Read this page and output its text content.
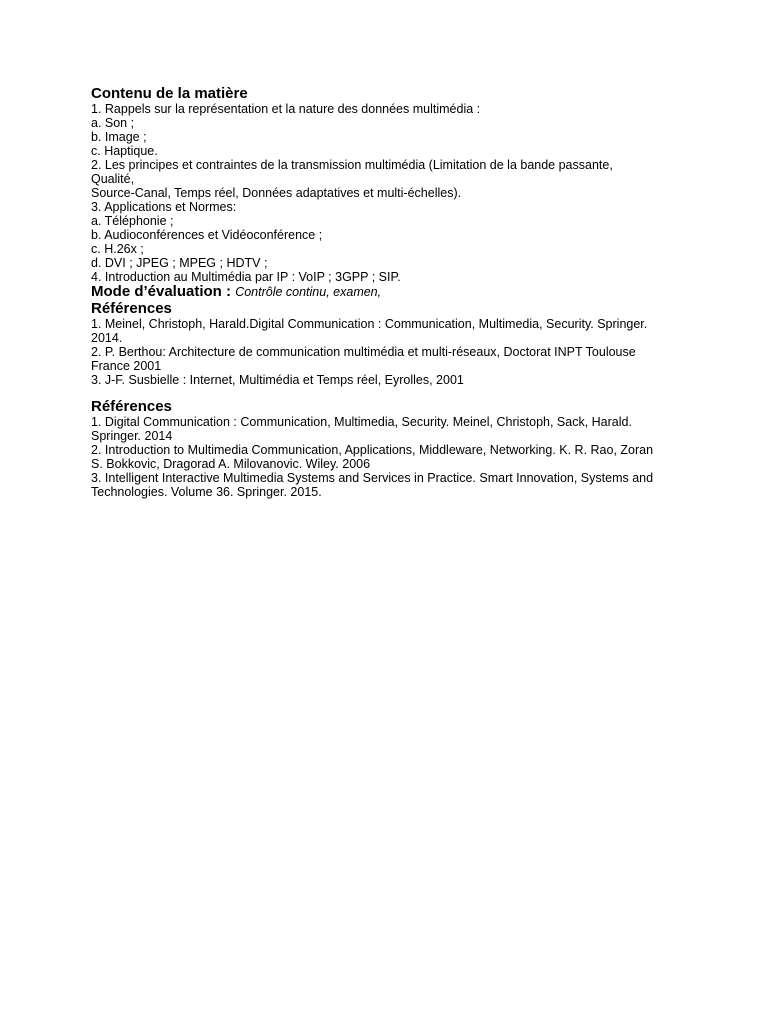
Contenu de la matière

1. Rappels sur la représentation et la nature des données multimédia :

a. Son ;

b. Image ;

c. Haptique.

2. Les principes et contraintes de la transmission multimédia (Limitation de la bande passante,

Qualité,

Source-Canal, Temps réel, Données adaptatives et multi-échelles).

3. Applications et Normes:

a. Téléphonie ;

b. Audioconférences et Vidéoconférence ;

c. H.26x ;

d. DVI ; JPEG ; MPEG ; HDTV ;

4. Introduction au Multimédia par IP : VoIP ; 3GPP ; SIP.

Mode d’évaluation : Contrôle continu, examen,

Références

1. Meinel, Christoph, Harald.Digital Communication : Communication, Multimedia, Security. Springer.

2014.

2. P. Berthou: Architecture de communication multimédia et multi-réseaux, Doctorat INPT Toulouse

France 2001

3. J-F. Susbielle : Internet, Multimédia et Temps réel, Eyrolles, 2001

Références

1. Digital Communication : Communication, Multimedia, Security. Meinel, Christoph, Sack, Harald.

Springer. 2014

2. Introduction to Multimedia Communication, Applications, Middleware, Networking. K. R. Rao, Zoran

S. Bokkovic, Dragorad A. Milovanovic. Wiley. 2006

3. Intelligent Interactive Multimedia Systems and Services in Practice. Smart Innovation, Systems and

Technologies. Volume 36. Springer. 2015.
